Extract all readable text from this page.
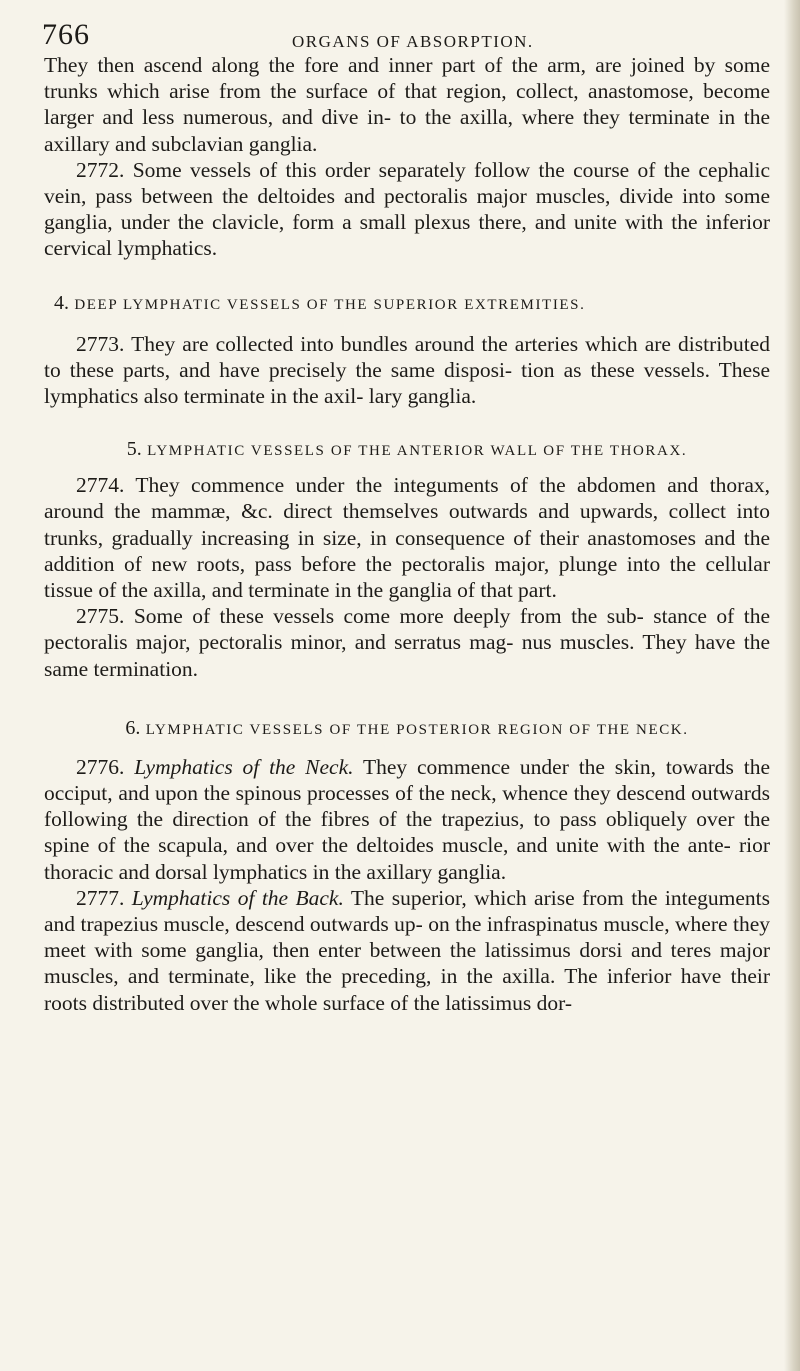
766	ORGANS OF ABSORPTION.

They then ascend along the fore and inner part of the arm, are joined by some trunks which arise from the surface of that region, collect, anastomose, become larger and less numerous, and dive in- to the axilla, where they terminate in the axillary and subclavian ganglia.

2772. Some vessels of this order separately follow the course of the cephalic vein, pass between the deltoides and pectoralis major muscles, divide into some ganglia, under the clavicle, form a small plexus there, and unite with the inferior cervical lymphatics.

4. DEEP LYMPHATIC VESSELS OF THE SUPERIOR EXTREMITIES.

2773. They are collected into bundles around the arteries which are distributed to these parts, and have precisely the same disposi- tion as these vessels. These lymphatics also terminate in the axil- lary ganglia.

5. LYMPHATIC VESSELS OF THE ANTERIOR WALL OF THE THORAX.

2774. They commence under the integuments of the abdomen and thorax, around the mammæ, &c. direct themselves outwards and upwards, collect into trunks, gradually increasing in size, in consequence of their anastomoses and the addition of new roots, pass before the pectoralis major, plunge into the cellular tissue of the axilla, and terminate in the ganglia of that part.

2775. Some of these vessels come more deeply from the sub- stance of the pectoralis major, pectoralis minor, and serratus mag- nus muscles. They have the same termination.

6. LYMPHATIC VESSELS OF THE POSTERIOR REGION OF THE NECK.

2776. Lymphatics of the Neck. They commence under the skin, towards the occiput, and upon the spinous processes of the neck, whence they descend outwards following the direction of the fibres of the trapezius, to pass obliquely over the spine of the scapula, and over the deltoides muscle, and unite with the ante- rior thoracic and dorsal lymphatics in the axillary ganglia.

2777. Lymphatics of the Back. The superior, which arise from the integuments and trapezius muscle, descend outwards up- on the infraspinatus muscle, where they meet with some ganglia, then enter between the latissimus dorsi and teres major muscles, and terminate, like the preceding, in the axilla. The inferior have their roots distributed over the whole surface of the latissimus dor-
